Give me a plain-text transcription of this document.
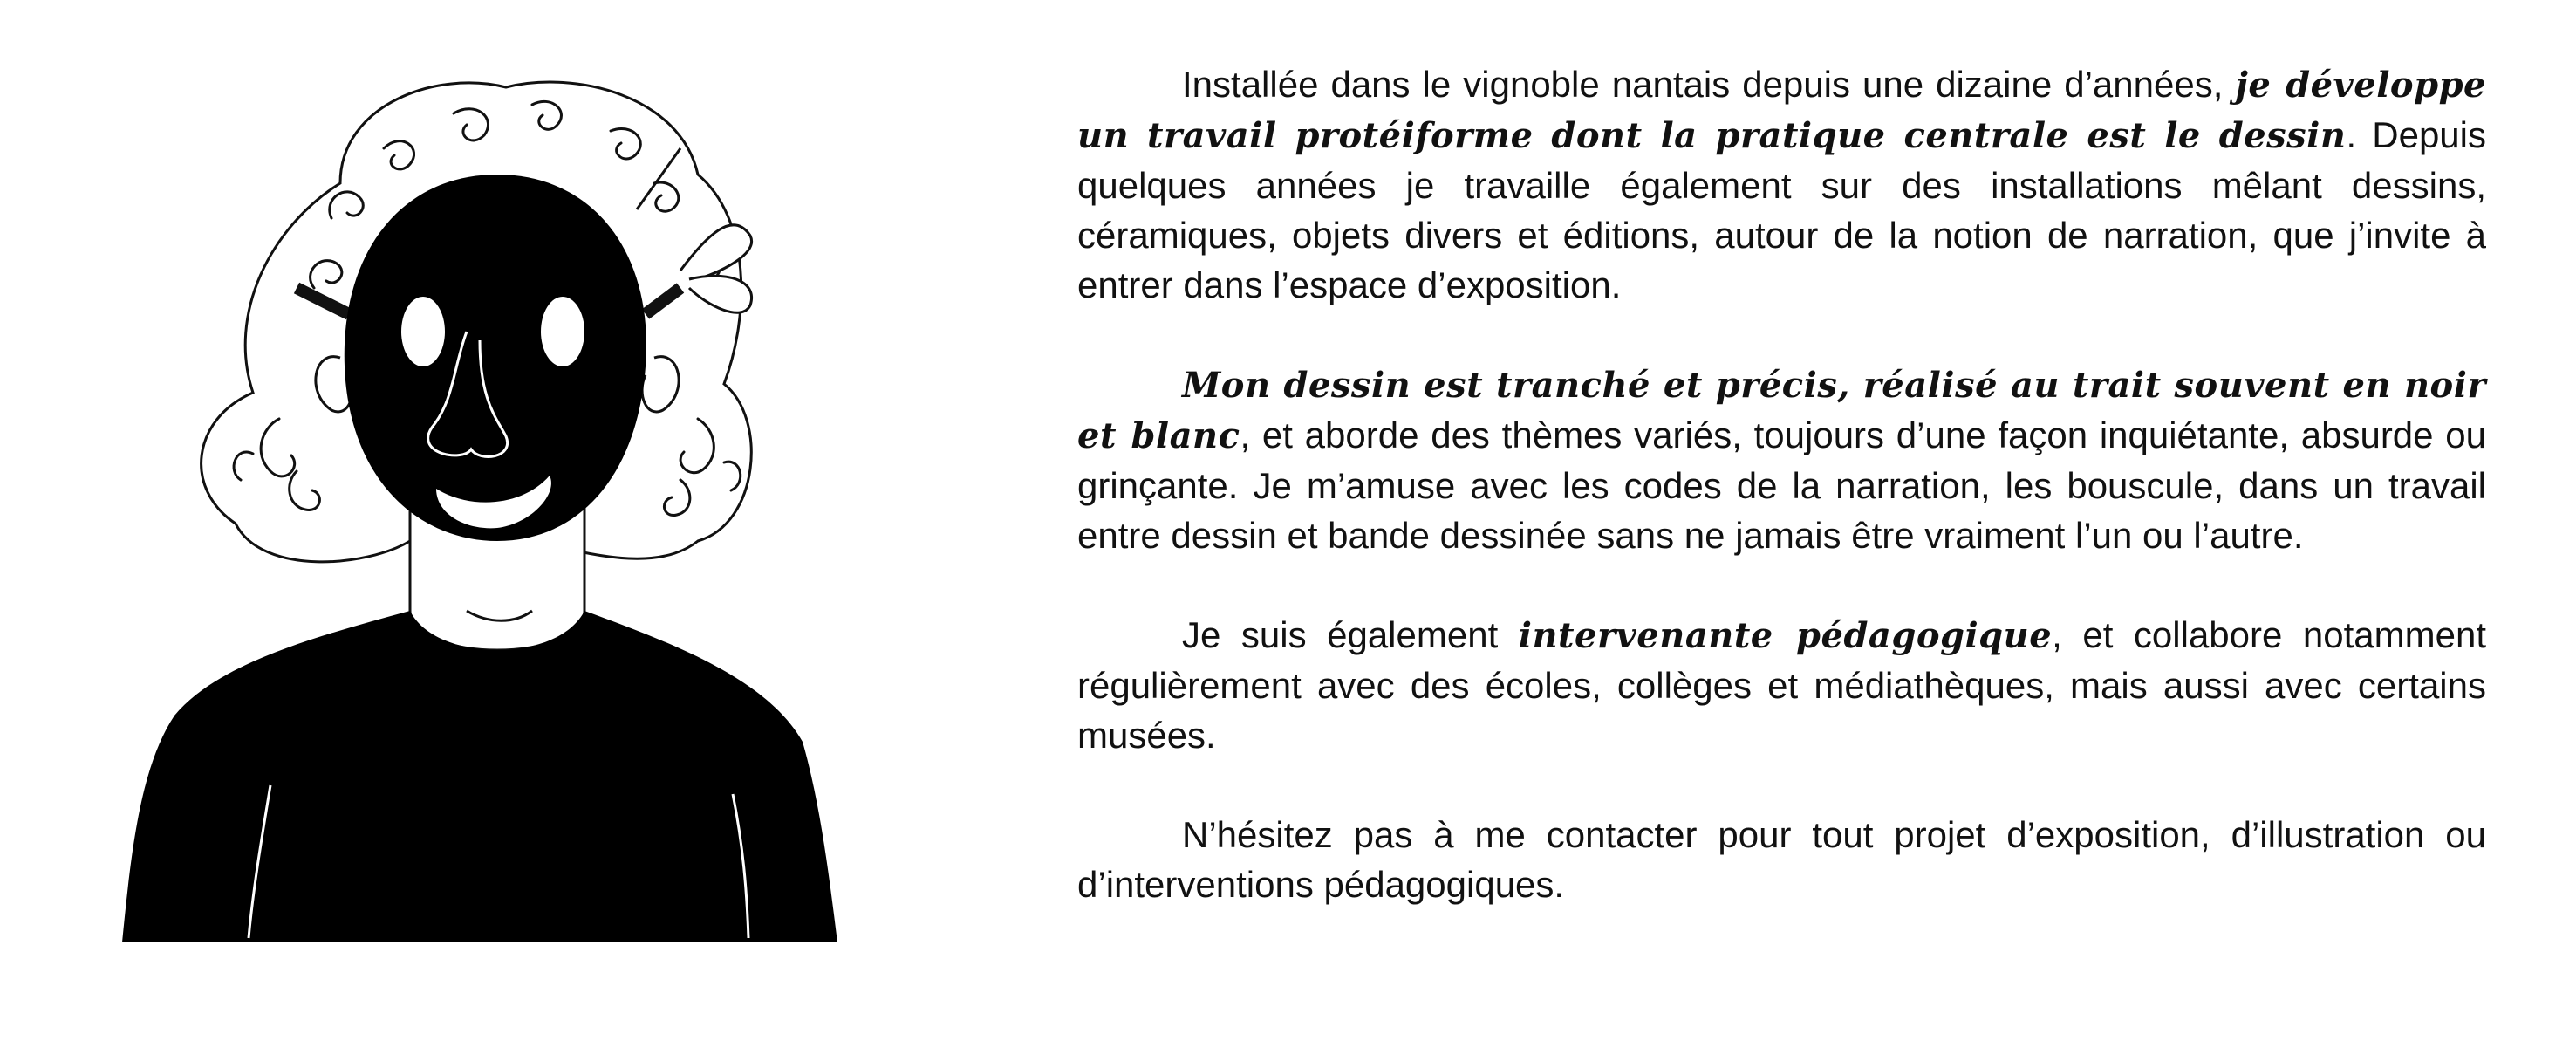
Installée dans le vignoble nantais depuis une dizaine d’années, je développe un travail protéiforme dont la pratique centrale est le dessin. Depuis quelques années je travaille également sur des installations mêlant dessins, céramiques, objets divers et éditions, autour de la notion de narration, que j’invite à entrer dans l’espace d’exposition.

Mon dessin est tranché et précis, réalisé au trait souvent en noir et blanc, et aborde des thèmes variés, toujours d’une façon inquiétante, absurde ou grinçante. Je m’amuse avec les codes de la narration, les bouscule, dans un travail entre dessin et bande dessinée sans ne jamais être vraiment l’un ou l’autre.

Je suis également intervenante pédagogique, et collabore notamment régulièrement avec des écoles, collèges et médiathèques, mais aussi avec certains musées.

N’hésitez pas à me contacter pour tout projet d’exposition, d’illustration ou d’interventions pédagogiques.
